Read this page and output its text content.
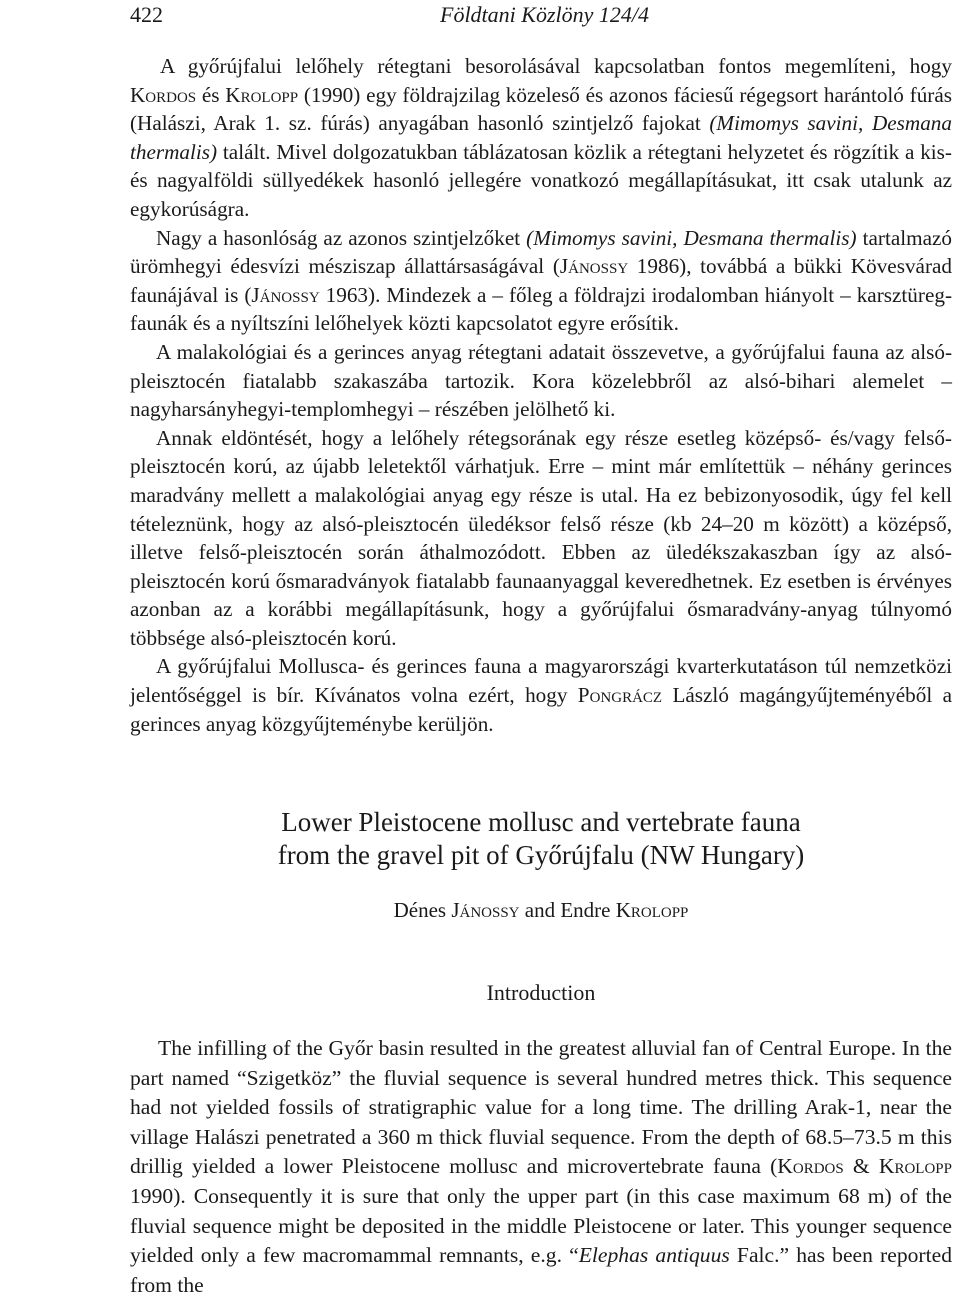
422	Földtani Közlöny 124/4

A győrújfalui lelőhely rétegtani besorolásával kapcsolatban fontos megemlíteni, hogy Kordos és Krolopp (1990) egy földrajzilag közeleső és azonos fáciesű régegsort harántoló fúrás (Halászi, Arak 1. sz. fúrás) anyagában hasonló szintjelző fajokat (Mimomys savini, Desmana thermalis) talált. Mivel dolgozatukban táblázatosan közlik a rétegtani helyzetet és rögzítik a kis- és nagyalföldi süllyedékek hasonló jellegére vonatkozó megállapításukat, itt csak utalunk az egykorúságra.

Nagy a hasonlóság az azonos szintjelzőket (Mimomys savini, Desmana thermalis) tartalmazó ürömhegyi édesvízi mésziszap állattársaságával (Jánossy 1986), továbbá a bükki Kövesvárad faunájával is (Jánossy 1963). Mindezek a – főleg a földrajzi irodalomban hiányolt – karsztüreg-faunák és a nyíltszíni lelőhelyek közti kapcsolatot egyre erősítik.

A malakológiai és a gerinces anyag rétegtani adatait összevetve, a győrújfalui fauna az alsó-pleisztocén fiatalabb szakaszába tartozik. Kora közelebbről az alsó-bihari alemelet – nagyharsányhegyi-templomhegyi – részében jelölhető ki.

Annak eldöntését, hogy a lelőhely rétegsorának egy része esetleg középső- és/vagy felső-pleisztocén korú, az újabb leletektől várhatjuk. Erre – mint már említettük – néhány gerinces maradvány mellett a malakológiai anyag egy része is utal. Ha ez bebizonyosodik, úgy fel kell tételeznünk, hogy az alsó-pleisztocén üledéksor felső része (kb 24–20 m között) a középső, illetve felső-pleisztocén során áthalmozódott. Ebben az üledékszakaszban így az alsó-pleisztocén korú ősmaradványok fiatalabb faunaanyaggal keveredhetnek. Ez esetben is érvényes azonban az a korábbi megállapításunk, hogy a győrújfalui ősmaradvány-anyag túlnyomó többsége alsó-pleisztocén korú.

A győrújfalui Mollusca- és gerinces fauna a magyarországi kvarterkutatáson túl nemzetközi jelentőséggel is bír. Kívánatos volna ezért, hogy Pongrácz László magángyűjteményéből a gerinces anyag közgyűjteménybe kerüljön.

Lower Pleistocene mollusc and vertebrate fauna
from the gravel pit of Győrújfalu (NW Hungary)
Dénes Jánossy and Endre Krolopp
Introduction

The infilling of the Győr basin resulted in the greatest alluvial fan of Central Europe. In the part named “Szigetköz” the fluvial sequence is several hundred metres thick. This sequence had not yielded fossils of stratigraphic value for a long time. The drilling Arak-1, near the village Halászi penetrated a 360 m thick fluvial sequence. From the depth of 68.5–73.5 m this drillig yielded a lower Pleistocene mollusc and microvertebrate fauna (Kordos & Krolopp 1990). Consequently it is sure that only the upper part (in this case maximum 68 m) of the fluvial sequence might be deposited in the middle Pleistocene or later. This younger sequence yielded only a few macromammal remnants, e.g. “Elephas antiquus Falc.” has been reported from the
